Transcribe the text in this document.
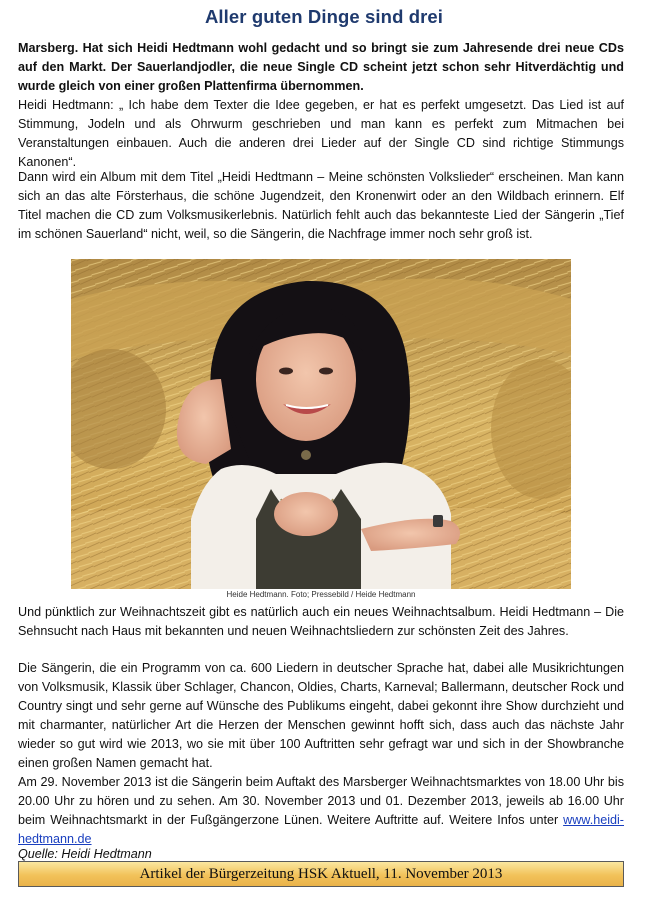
Aller guten Dinge sind drei

Marsberg. Hat sich Heidi Hedtmann wohl gedacht und so bringt sie zum Jahresende drei neue CDs auf den Markt. Der Sauerlandjodler, die neue Single CD scheint jetzt schon sehr Hitverdächtig und wurde gleich von einer großen Plattenfirma übernommen.

Heidi Hedtmann: „ Ich habe dem Texter die Idee gegeben, er hat es perfekt umgesetzt. Das Lied ist auf Stimmung, Jodeln und als Ohrwurm geschrieben und man kann es perfekt zum Mitmachen bei Veranstaltungen einbauen. Auch die anderen drei Lieder auf der Single CD sind richtige Stimmungs Kanonen“.

Dann wird ein Album mit dem Titel „Heidi Hedtmann – Meine schönsten Volkslieder“ erscheinen. Man kann sich an das alte Försterhaus, die schöne Jugendzeit, den Kronenwirt oder an den Wildbach erinnern. Elf Titel machen die CD zum Volksmusikerlebnis. Natürlich fehlt auch das bekannteste Lied der Sängerin „Tief im schönen Sauerland“ nicht, weil, so die Sängerin, die Nachfrage immer noch sehr groß ist.

Heide Hedtmann. Foto; Pressebild / Heide Hedtmann

Und pünktlich zur Weihnachtszeit gibt es natürlich auch ein neues Weihnachtsalbum. Heidi Hedtmann – Die Sehnsucht nach Haus mit bekannten und neuen Weihnachtsliedern zur schönsten Zeit des Jahres.

Die Sängerin, die ein Programm von ca. 600 Liedern in deutscher Sprache hat, dabei alle Musikrichtungen von Volksmusik, Klassik über Schlager, Chancon, Oldies, Charts, Karneval; Ballermann, deutscher Rock und Country singt und sehr gerne auf Wünsche des Publikums eingeht, dabei gekonnt ihre Show durchzieht und mit charmanter, natürlicher Art die Herzen der Menschen gewinnt hofft sich, dass auch das nächste Jahr wieder so gut wird wie 2013, wo sie mit über 100 Auftritten sehr gefragt war und sich in der Showbranche einen großen Namen gemacht hat.

Am 29. November 2013 ist die Sängerin beim Auftakt des Marsberger Weihnachtsmarktes von 18.00 Uhr bis 20.00 Uhr zu hören und zu sehen. Am 30. November 2013 und 01. Dezember 2013, jeweils ab 16.00 Uhr beim Weihnachtsmarkt in der Fußgängerzone Lünen. Weitere Auftritte auf. Weitere Infos unter www.heidi-hedtmann.de

Quelle: Heidi Hedtmann
Artikel der Bürgerzeitung HSK Aktuell, 11. November 2013
